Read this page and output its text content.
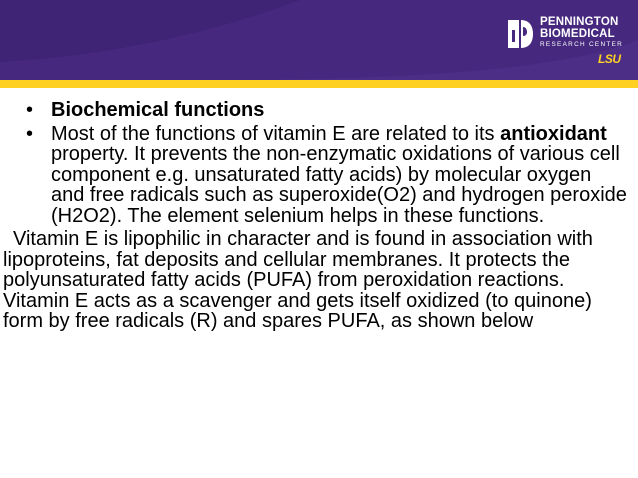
PENNINGTON
BIOMEDICAL
RESEARCH CENTER
LSU
• Biochemical functions
• Most of the functions of vitamin E are related to its antioxidant property. It prevents the non-enzymatic oxidations of various cell component e.g. unsaturated fatty acids) by molecular oxygen and free radicals such as superoxide(O2) and hydrogen peroxide (H2O2). The element selenium helps in these functions.

Vitamin E is lipophilic in character and is found in association with lipoproteins, fat deposits and cellular membranes. It protects the polyunsaturated fatty acids (PUFA) from peroxidation reactions. Vitamin E acts as a scavenger and gets itself oxidized (to quinone) form by free radicals (R) and spares PUFA, as shown below
